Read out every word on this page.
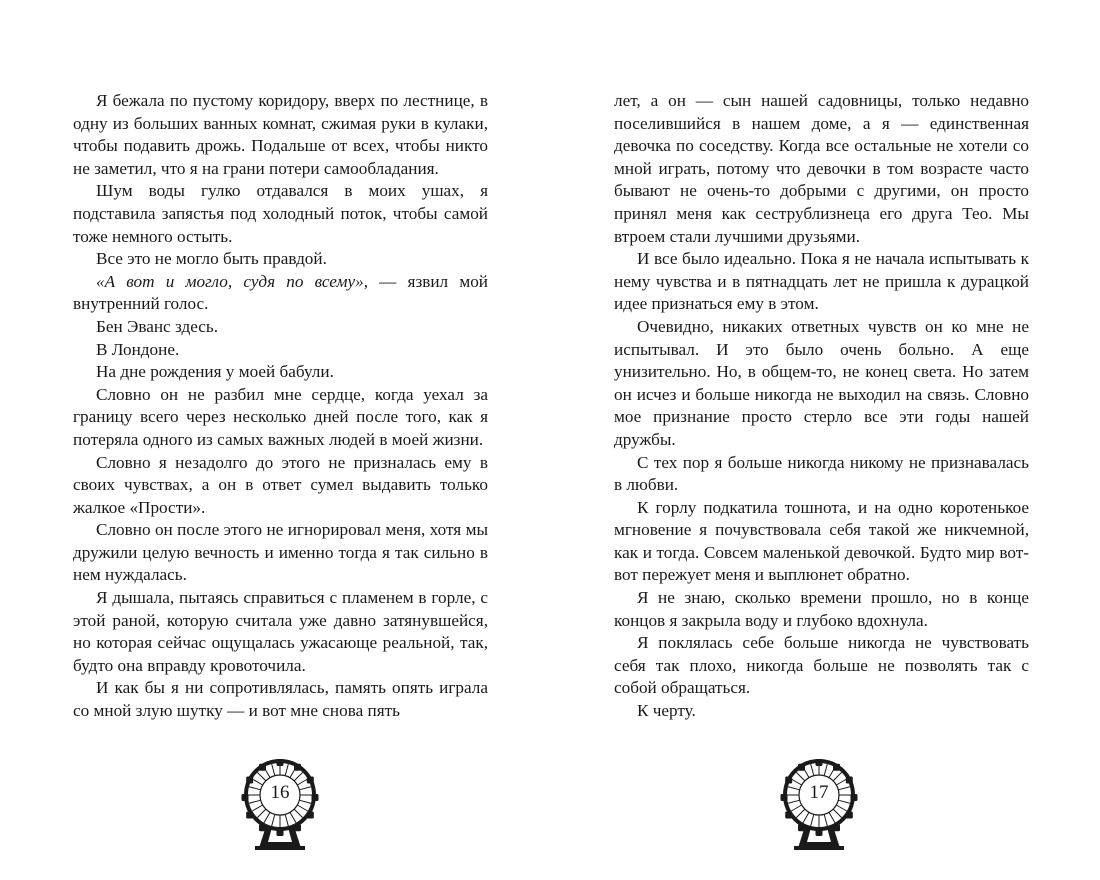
Я бежала по пустому коридору, вверх по лестнице, в одну из больших ванных комнат, сжимая руки в кулаки, чтобы подавить дрожь. Подальше от всех, чтобы никто не заметил, что я на грани потери самообладания.

Шум воды гулко отдавался в моих ушах, я подставила запястья под холодный поток, чтобы самой тоже немного остыть.

Все это не могло быть правдой.

«А вот и могло, судя по всему», — язвил мой внутренний голос.

Бен Эванс здесь.

В Лондоне.

На дне рождения у моей бабули.

Словно он не разбил мне сердце, когда уехал за границу всего через несколько дней после того, как я потеряла одного из самых важных людей в моей жизни.

Словно я незадолго до этого не призналась ему в своих чувствах, а он в ответ сумел выдавить только жалкое «Прости».

Словно он после этого не игнорировал меня, хотя мы дружили целую вечность и именно тогда я так сильно в нем нуждалась.

Я дышала, пытаясь справиться с пламенем в горле, с этой раной, которую считала уже давно затянувшейся, но которая сейчас ощущалась ужасающе реальной, так, будто она вправду кровоточила.

И как бы я ни сопротивлялась, память опять играла со мной злую шутку — и вот мне снова пять

лет, а он — сын нашей садовницы, только недавно поселившийся в нашем доме, а я — единственная девочка по соседству. Когда все остальные не хотели со мной играть, потому что девочки в том возрасте часто бывают не очень-то добрыми с другими, он просто принял меня как сеструблизнеца его друга Тео. Мы втроем стали лучшими друзьями.

И все было идеально. Пока я не начала испытывать к нему чувства и в пятнадцать лет не пришла к дурацкой идее признаться ему в этом.

Очевидно, никаких ответных чувств он ко мне не испытывал. И это было очень больно. А еще унизительно. Но, в общем-то, не конец света. Но затем он исчез и больше никогда не выходил на связь. Словно мое признание просто стерло все эти годы нашей дружбы.

С тех пор я больше никогда никому не признавалась в любви.

К горлу подкатила тошнота, и на одно коротенькое мгновение я почувствовала себя такой же никчемной, как и тогда. Совсем маленькой девочкой. Будто мир вот-вот пережует меня и выплюнет обратно.

Я не знаю, сколько времени прошло, но в конце концов я закрыла воду и глубоко вдохнула.

Я поклялась себе больше никогда не чувствовать себя так плохо, никогда больше не позволять так с собой обращаться.

К черту.

16	17
